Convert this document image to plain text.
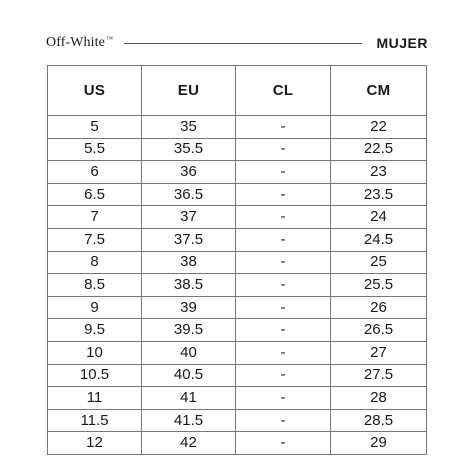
Off-White™	MUJER
US	EU	CL	CM
5	35	-	22
5.5	35.5	-	22.5
6	36	-	23
6.5	36.5	-	23.5
7	37	-	24
7.5	37.5	-	24.5
8	38	-	25
8.5	38.5	-	25.5
9	39	-	26
9.5	39.5	-	26.5
10	40	-	27
10.5	40.5	-	27.5
11	41	-	28
11.5	41.5	-	28.5
12	42	-	29
